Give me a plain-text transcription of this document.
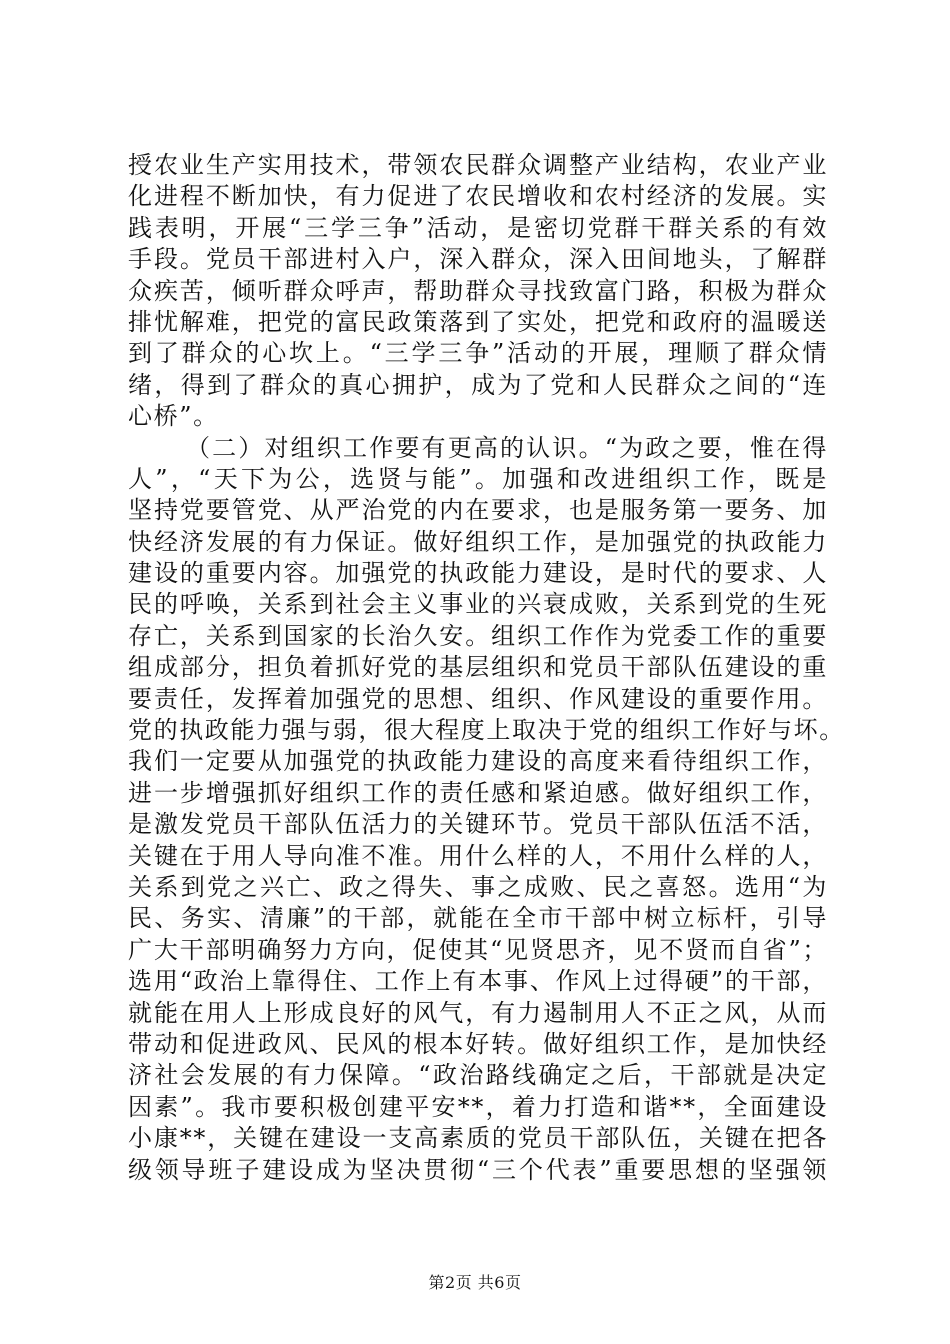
授农业生产实用技术，带领农民群众调整产业结构，农业产业
化进程不断加快，有力促进了农民增收和农村经济的发展。实
践表明，开展“三学三争”活动，是密切党群干群关系的有效
手段。党员干部进村入户，深入群众，深入田间地头，了解群
众疾苦，倾听群众呼声，帮助群众寻找致富门路，积极为群众
排忧解难，把党的富民政策落到了实处，把党和政府的温暖送
到了群众的心坎上。“三学三争”活动的开展，理顺了群众情
绪，得到了群众的真心拥护，成为了党和人民群众之间的“连
心桥”。
（二）对组织工作要有更高的认识。“为政之要，惟在得
人”，“天下为公，选贤与能”。加强和改进组织工作，既是
坚持党要管党、从严治党的内在要求，也是服务第一要务、加
快经济发展的有力保证。做好组织工作，是加强党的执政能力
建设的重要内容。加强党的执政能力建设，是时代的要求、人
民的呼唤，关系到社会主义事业的兴衰成败，关系到党的生死
存亡，关系到国家的长治久安。组织工作作为党委工作的重要
组成部分，担负着抓好党的基层组织和党员干部队伍建设的重
要责任，发挥着加强党的思想、组织、作风建设的重要作用。
党的执政能力强与弱，很大程度上取决于党的组织工作好与坏。
我们一定要从加强党的执政能力建设的高度来看待组织工作，
进一步增强抓好组织工作的责任感和紧迫感。做好组织工作，
是激发党员干部队伍活力的关键环节。党员干部队伍活不活，
关键在于用人导向准不准。用什么样的人，不用什么样的人，
关系到党之兴亡、政之得失、事之成败、民之喜怒。选用“为
民、务实、清廉”的干部，就能在全市干部中树立标杆，引导
广大干部明确努力方向，促使其“见贤思齐，见不贤而自省”；
选用“政治上靠得住、工作上有本事、作风上过得硬”的干部，
就能在用人上形成良好的风气，有力遏制用人不正之风，从而
带动和促进政风、民风的根本好转。做好组织工作，是加快经
济社会发展的有力保障。“政治路线确定之后，干部就是决定
因素”。我市要积极创建平安**，着力打造和谐**，全面建设
小康**，关键在建设一支高素质的党员干部队伍，关键在把各
级领导班子建设成为坚决贯彻“三个代表”重要思想的坚强领
第2页 共6页
